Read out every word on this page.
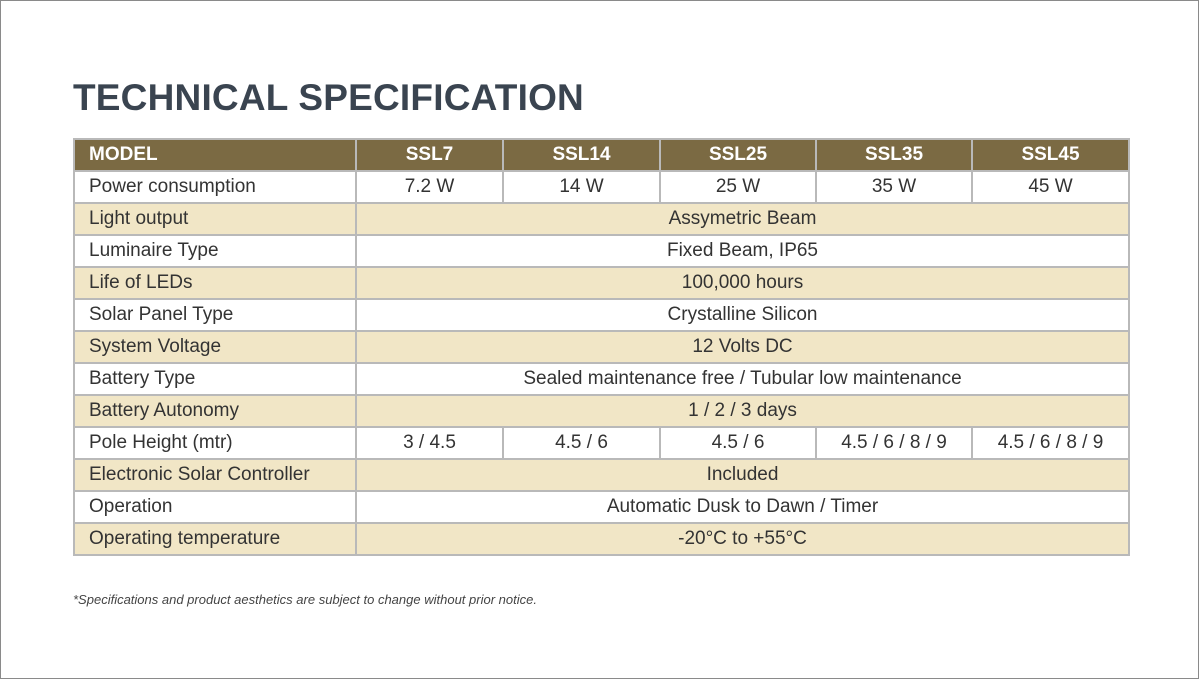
TECHNICAL SPECIFICATION
MODEL	SSL7	SSL14	SSL25	SSL35	SSL45
Power consumption	7.2 W	14 W	25 W	35 W	45 W
Light output	Assymetric Beam				
Luminaire Type	Fixed Beam, IP65				
Life of LEDs	100,000 hours				
Solar Panel Type	Crystalline Silicon				
System Voltage	12 Volts DC				
Battery Type	Sealed maintenance free / Tubular low maintenance				
Battery Autonomy	1 / 2 / 3 days				
Pole Height (mtr)	3 / 4.5	4.5 / 6	4.5 / 6	4.5 / 6 / 8 / 9	4.5 / 6 / 8 / 9
Electronic Solar Controller	Included				
Operation	Automatic Dusk to Dawn / Timer				
Operating temperature	-20°C to +55°C				
*Specifications and product aesthetics are subject to change without prior notice.
